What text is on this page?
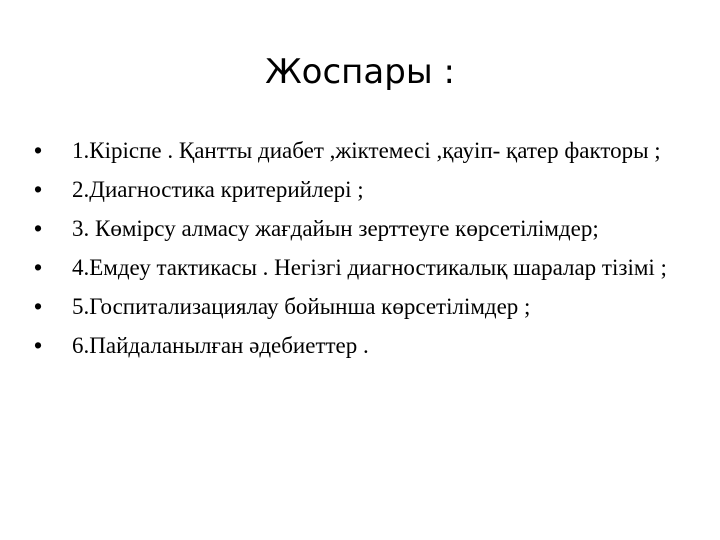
Жоспары :
• 1.Кіріспе . Қантты диабет ,жіктемесі ,қауіп- қатер факторы ;
• 2.Диагностика критерийлері ;
• 3. Көмірсу алмасу жағдайын зерттеуге көрсетілімдер;
• 4.Емдеу тактикасы . Негізгі диагностикалық шаралар тізімі ;
• 5.Госпитализациялау бойынша көрсетілімдер ;
• 6.Пайдаланылған әдебиеттер .
